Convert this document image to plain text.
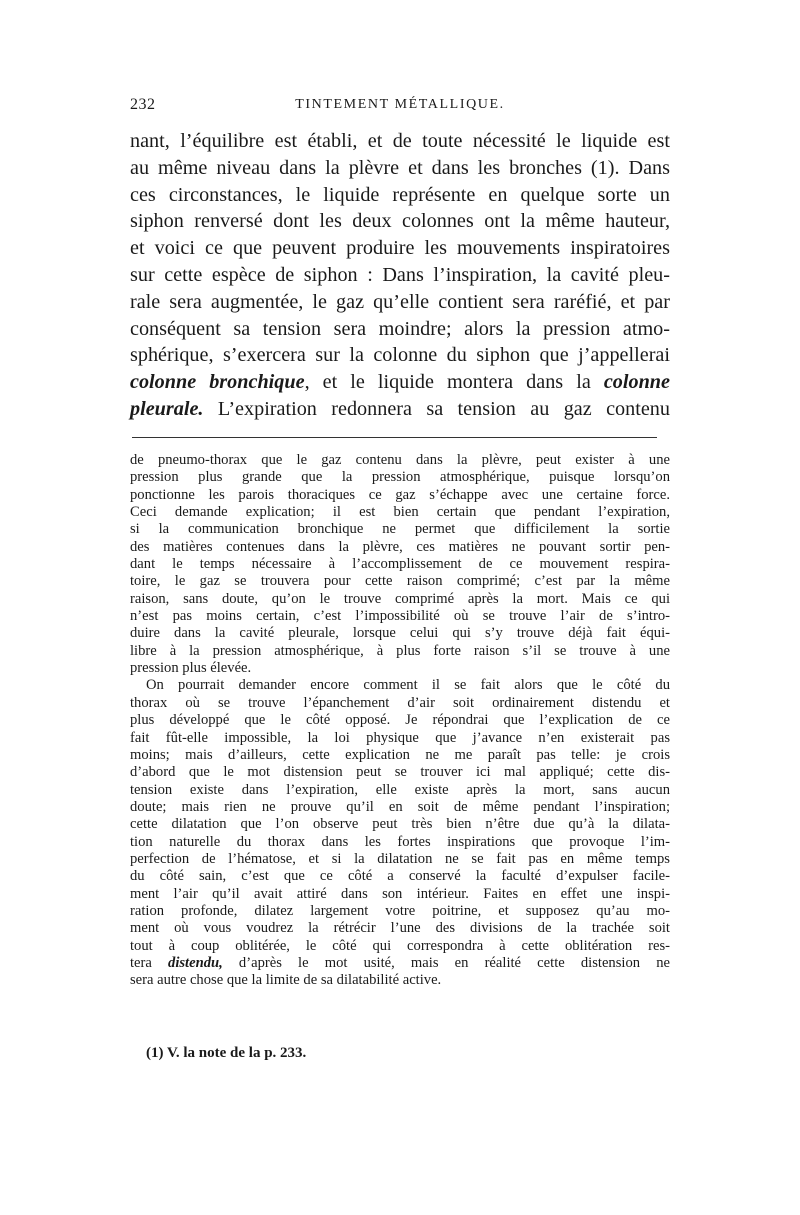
232	TINTEMENT MÉTALLIQUE.
nant, l’équilibre est établi, et de toute nécessité le liquide est
au même niveau dans la plèvre et dans les bronches (1). Dans
ces circonstances, le liquide représente en quelque sorte un
siphon renversé dont les deux colonnes ont la même hauteur,
et voici ce que peuvent produire les mouvements inspiratoires
sur cette espèce de siphon : Dans l’inspiration, la cavité pleu-
rale sera augmentée, le gaz qu’elle contient sera raréfié, et par
conséquent sa tension sera moindre; alors la pression atmo-
sphérique, s’exercera sur la colonne du siphon que j’appellerai
colonne bronchique, et le liquide montera dans la colonne
pleurale. L’expiration redonnera sa tension au gaz contenu
de pneumo-thorax que le gaz contenu dans la plèvre, peut exister à une
pression plus grande que la pression atmosphérique, puisque lorsqu’on
ponctionne les parois thoraciques ce gaz s’échappe avec une certaine force.
Ceci demande explication; il est bien certain que pendant l’expiration,
si la communication bronchique ne permet que difficilement la sortie
des matières contenues dans la plèvre, ces matières ne pouvant sortir pen-
dant le temps nécessaire à l’accomplissement de ce mouvement respira-
toire, le gaz se trouvera pour cette raison comprimé; c’est par la même
raison, sans doute, qu’on le trouve comprimé après la mort. Mais ce qui
n’est pas moins certain, c’est l’impossibilité où se trouve l’air de s’intro-
duire dans la cavité pleurale, lorsque celui qui s’y trouve déjà fait équi-
libre à la pression atmosphérique, à plus forte raison s’il se trouve à une
pression plus élevée.
On pourrait demander encore comment il se fait alors que le côté du
thorax où se trouve l’épanchement d’air soit ordinairement distendu et
plus développé que le côté opposé. Je répondrai que l’explication de ce
fait fût-elle impossible, la loi physique que j’avance n’en existerait pas
moins; mais d’ailleurs, cette explication ne me paraît pas telle: je crois
d’abord que le mot distension peut se trouver ici mal appliqué; cette dis-
tension existe dans l’expiration, elle existe après la mort, sans aucun
doute; mais rien ne prouve qu’il en soit de même pendant l’inspiration;
cette dilatation que l’on observe peut très bien n’être due qu’à la dilata-
tion naturelle du thorax dans les fortes inspirations que provoque l’im-
perfection de l’hématose, et si la dilatation ne se fait pas en même temps
du côté sain, c’est que ce côté a conservé la faculté d’expulser facile-
ment l’air qu’il avait attiré dans son intérieur. Faites en effet une inspi-
ration profonde, dilatez largement votre poitrine, et supposez qu’au mo-
ment où vous voudrez la rétrécir l’une des divisions de la trachée soit
tout à coup oblitérée, le côté qui correspondra à cette oblitération res-
tera distendu, d’après le mot usité, mais en réalité cette distension ne
sera autre chose que la limite de sa dilatabilité active.
(1) V. la note de la p. 233.
